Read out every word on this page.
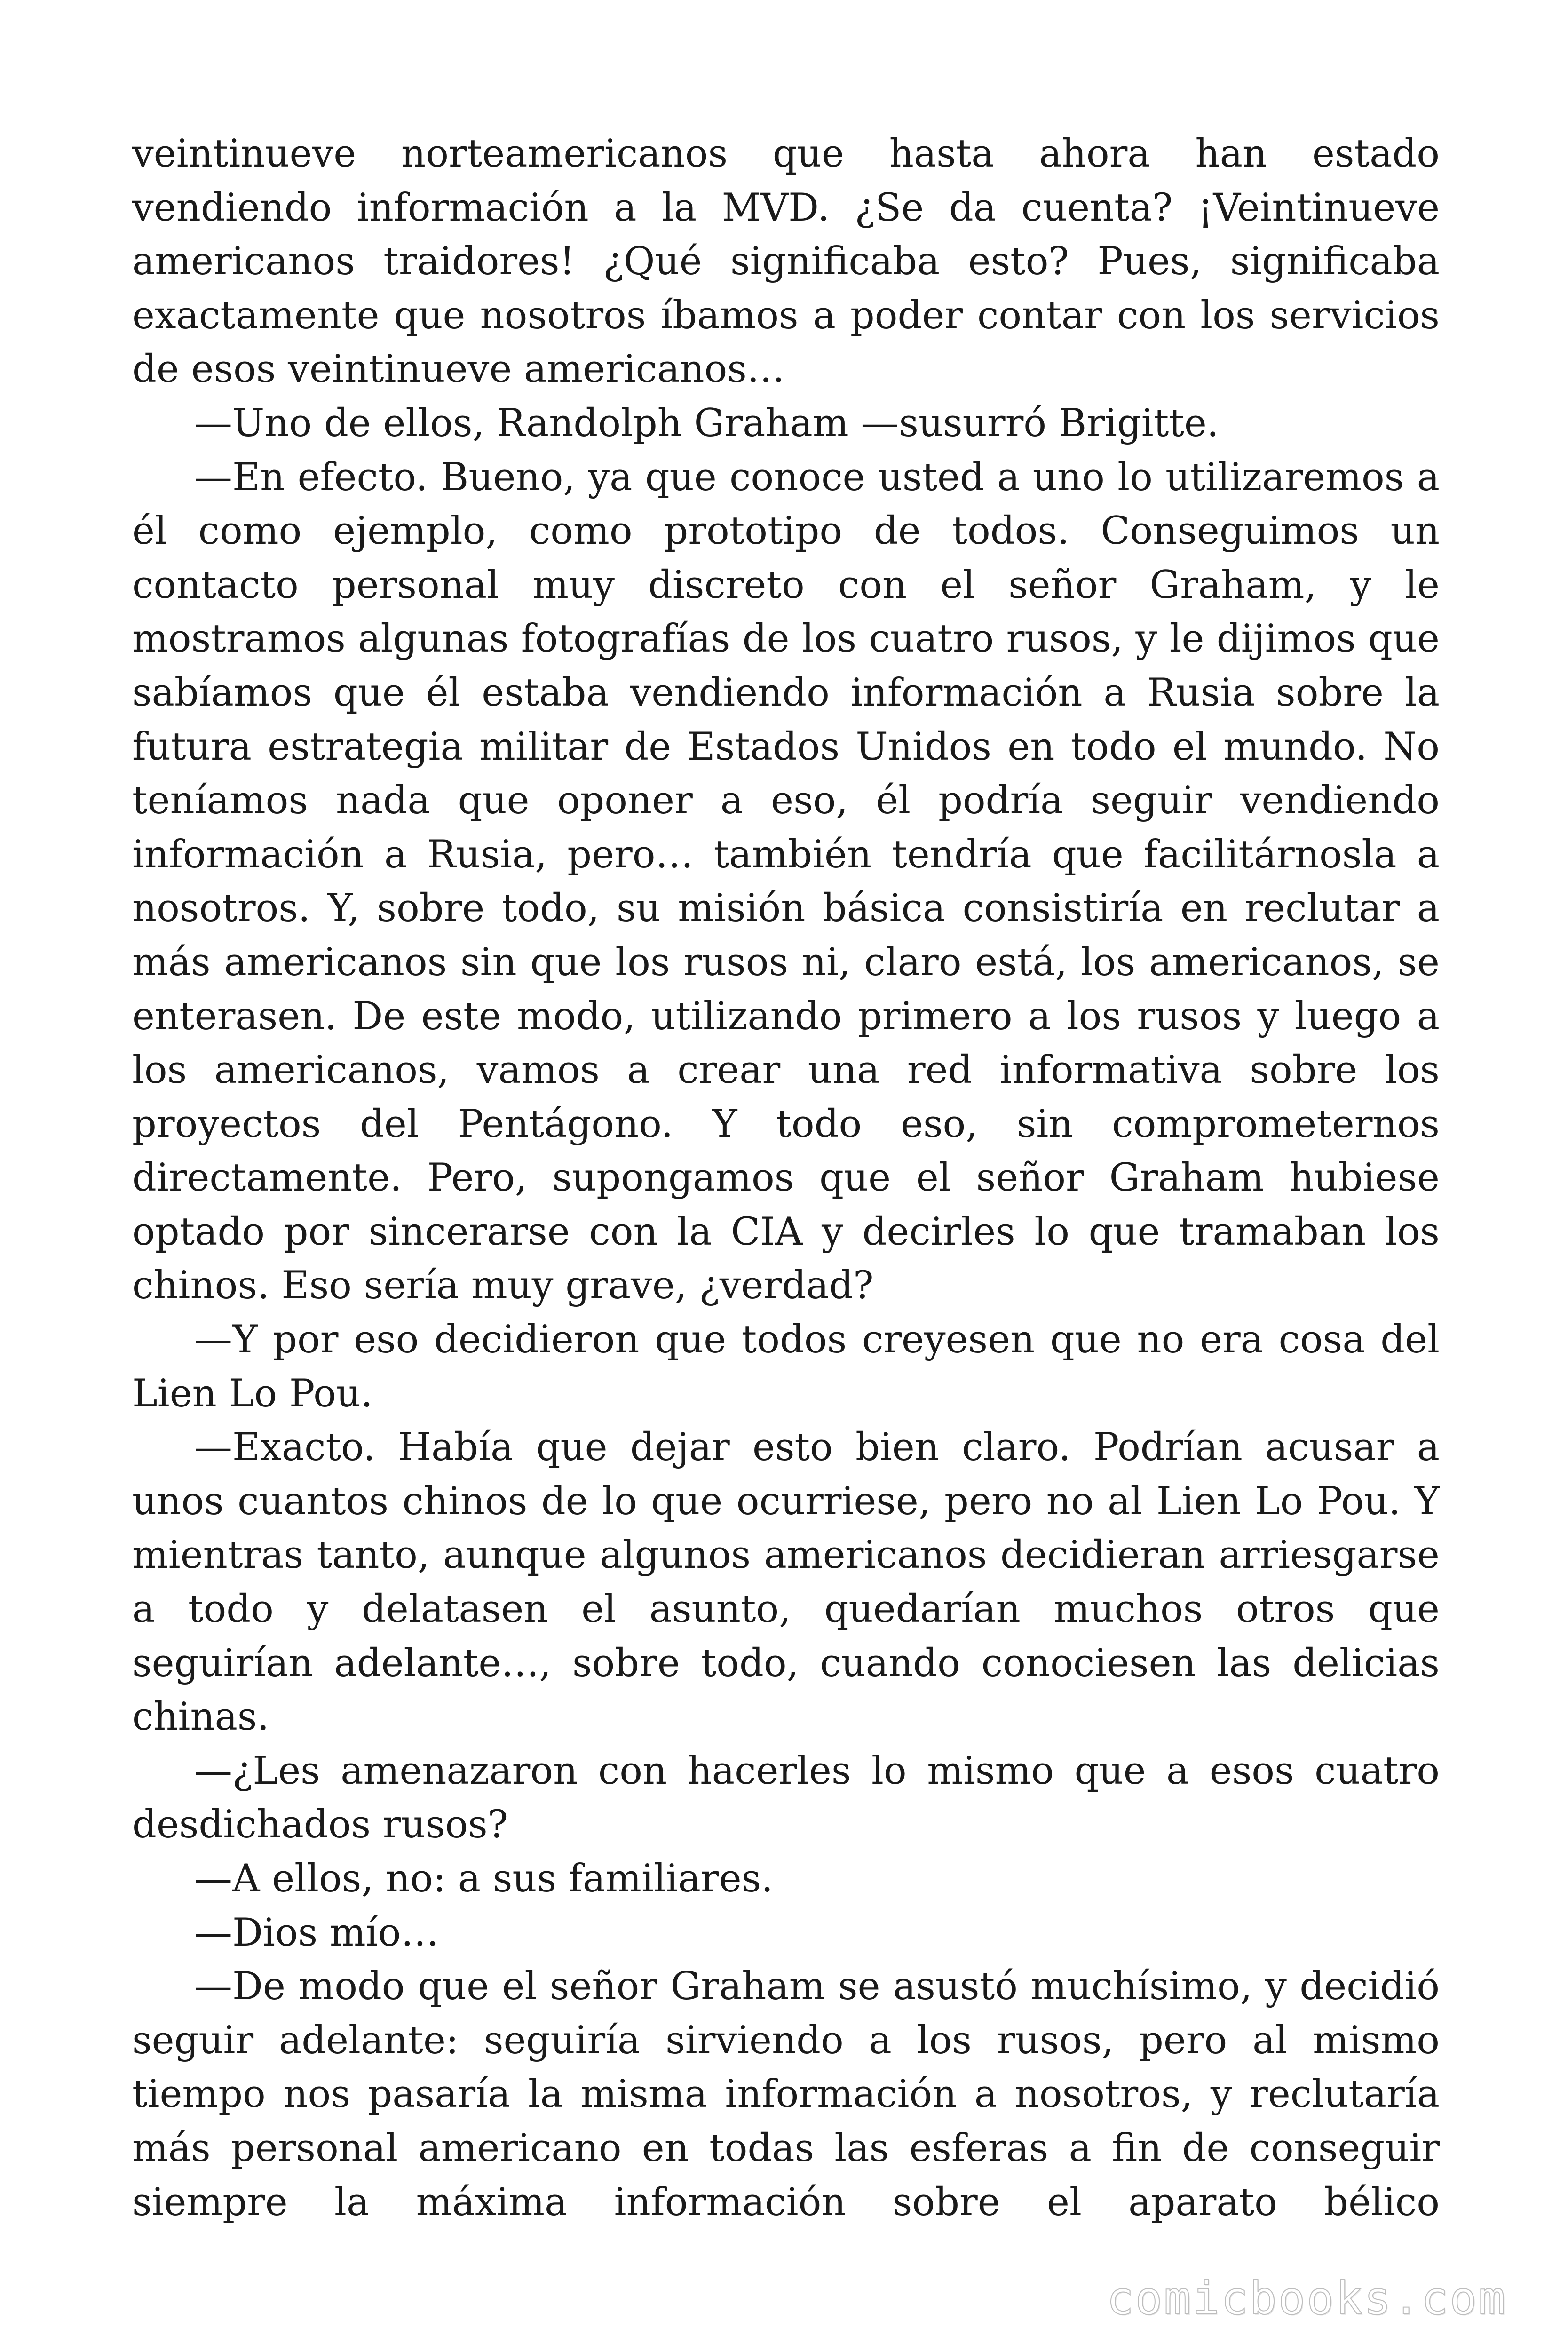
veintinueve norteamericanos que hasta ahora han estado vendiendo información a la MVD. ¿Se da cuenta? ¡Veintinueve americanos traidores! ¿Qué significaba esto? Pues, significaba exactamente que nosotros íbamos a poder contar con los servicios de esos veintinueve americanos…

—Uno de ellos, Randolph Graham —susurró Brigitte.

—En efecto. Bueno, ya que conoce usted a uno lo utilizaremos a él como ejemplo, como prototipo de todos. Conseguimos un contacto personal muy discreto con el señor Graham, y le mostramos algunas fotografías de los cuatro rusos, y le dijimos que sabíamos que él estaba vendiendo información a Rusia sobre la futura estrategia militar de Estados Unidos en todo el mundo. No teníamos nada que oponer a eso, él podría seguir vendiendo información a Rusia, pero… también tendría que facilitárnosla a nosotros. Y, sobre todo, su misión básica consistiría en reclutar a más americanos sin que los rusos ni, claro está, los americanos, se enterasen. De este modo, utilizando primero a los rusos y luego a los americanos, vamos a crear una red informativa sobre los proyectos del Pentágono. Y todo eso, sin comprometernos directamente. Pero, supongamos que el señor Graham hubiese optado por sincerarse con la CIA y decirles lo que tramaban los chinos. Eso sería muy grave, ¿verdad?

—Y por eso decidieron que todos creyesen que no era cosa del Lien Lo Pou.

—Exacto. Había que dejar esto bien claro. Podrían acusar a unos cuantos chinos de lo que ocurriese, pero no al Lien Lo Pou. Y mientras tanto, aunque algunos americanos decidieran arriesgarse a todo y delatasen el asunto, quedarían muchos otros que seguirían adelante…, sobre todo, cuando conociesen las delicias chinas.

—¿Les amenazaron con hacerles lo mismo que a esos cuatro desdichados rusos?

—A ellos, no: a sus familiares.

—Dios mío…

—De modo que el señor Graham se asustó muchísimo, y decidió seguir adelante: seguiría sirviendo a los rusos, pero al mismo tiempo nos pasaría la misma información a nosotros, y reclutaría más personal americano en todas las esferas a fin de conseguir siempre la máxima información sobre el aparato bélico

comicbooks.com
